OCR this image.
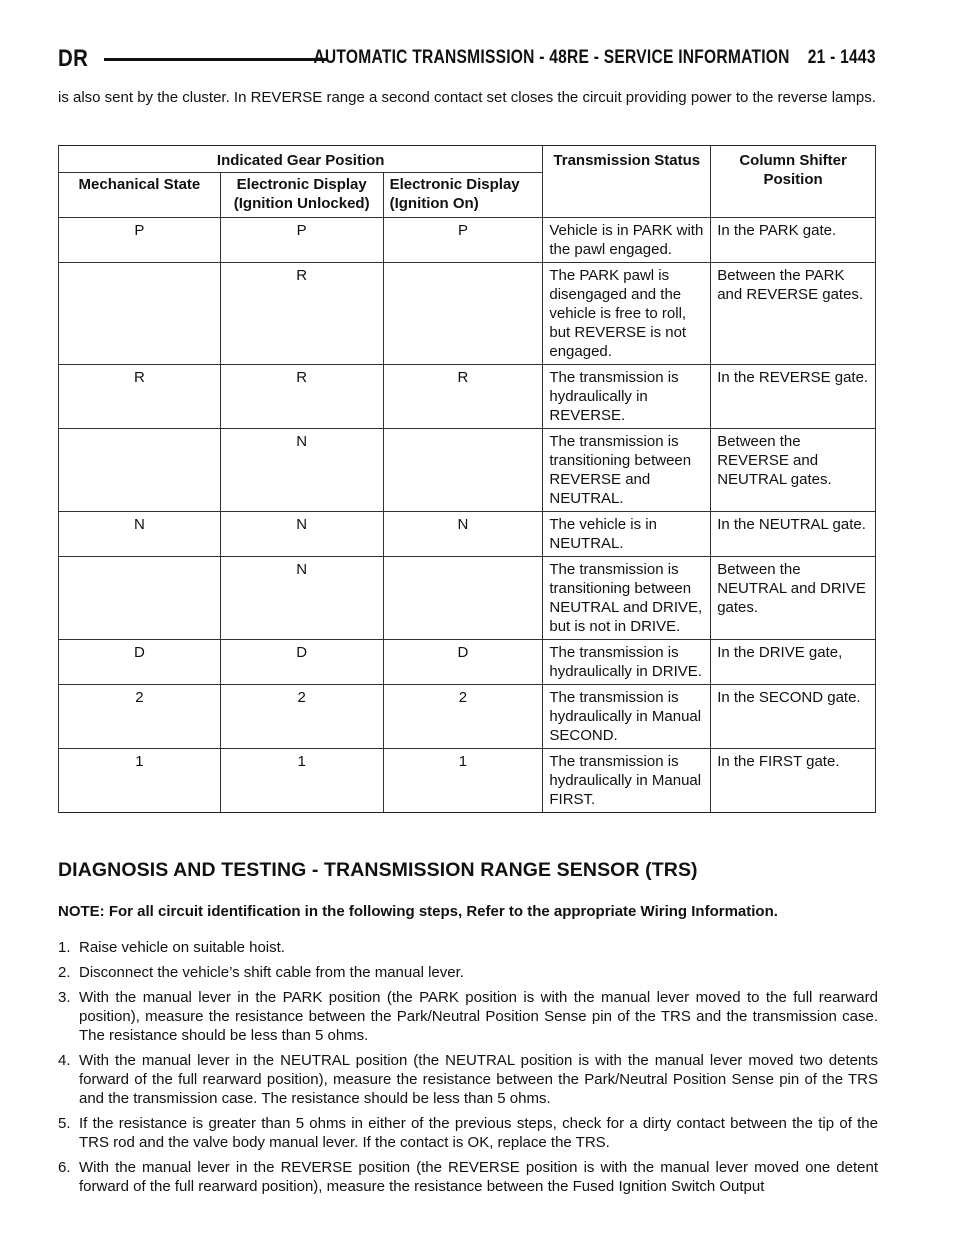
DR	AUTOMATIC TRANSMISSION - 48RE - SERVICE INFORMATION 21 - 1443

is also sent by the cluster. In REVERSE range a second contact set closes the circuit providing power to the reverse lamps.

Indicated Gear Position			Transmission Status	Column Shifter Position
Mechanical State	Electronic Display (Ignition Unlocked)	Electronic Display (Ignition On)		
P	P	P	Vehicle is in PARK with the pawl engaged.	In the PARK gate.
	R		The PARK pawl is disengaged and the vehicle is free to roll, but REVERSE is not engaged.	Between the PARK and REVERSE gates.
R	R	R	The transmission is hydraulically in REVERSE.	In the REVERSE gate.
	N		The transmission is transitioning between REVERSE and NEUTRAL.	Between the REVERSE and NEUTRAL gates.
N	N	N	The vehicle is in NEUTRAL.	In the NEUTRAL gate.
	N		The transmission is transitioning between NEUTRAL and DRIVE, but is not in DRIVE.	Between the NEUTRAL and DRIVE gates.
D	D	D	The transmission is hydraulically in DRIVE.	In the DRIVE gate,
2	2	2	The transmission is hydraulically in Manual SECOND.	In the SECOND gate.
1	1	1	The transmission is hydraulically in Manual FIRST.	In the FIRST gate.
DIAGNOSIS AND TESTING - TRANSMISSION RANGE SENSOR (TRS)

NOTE: For all circuit identification in the following steps, Refer to the appropriate Wiring Information.

1. Raise vehicle on suitable hoist.
2. Disconnect the vehicle’s shift cable from the manual lever.
3. With the manual lever in the PARK position (the PARK position is with the manual lever moved to the full rearward position), measure the resistance between the Park/Neutral Position Sense pin of the TRS and the transmission case. The resistance should be less than 5 ohms.
4. With the manual lever in the NEUTRAL position (the NEUTRAL position is with the manual lever moved two detents forward of the full rearward position), measure the resistance between the Park/Neutral Position Sense pin of the TRS and the transmission case. The resistance should be less than 5 ohms.
5. If the resistance is greater than 5 ohms in either of the previous steps, check for a dirty contact between the tip of the TRS rod and the valve body manual lever. If the contact is OK, replace the TRS.
6. With the manual lever in the REVERSE position (the REVERSE position is with the manual lever moved one detent forward of the full rearward position), measure the resistance between the Fused Ignition Switch Output
